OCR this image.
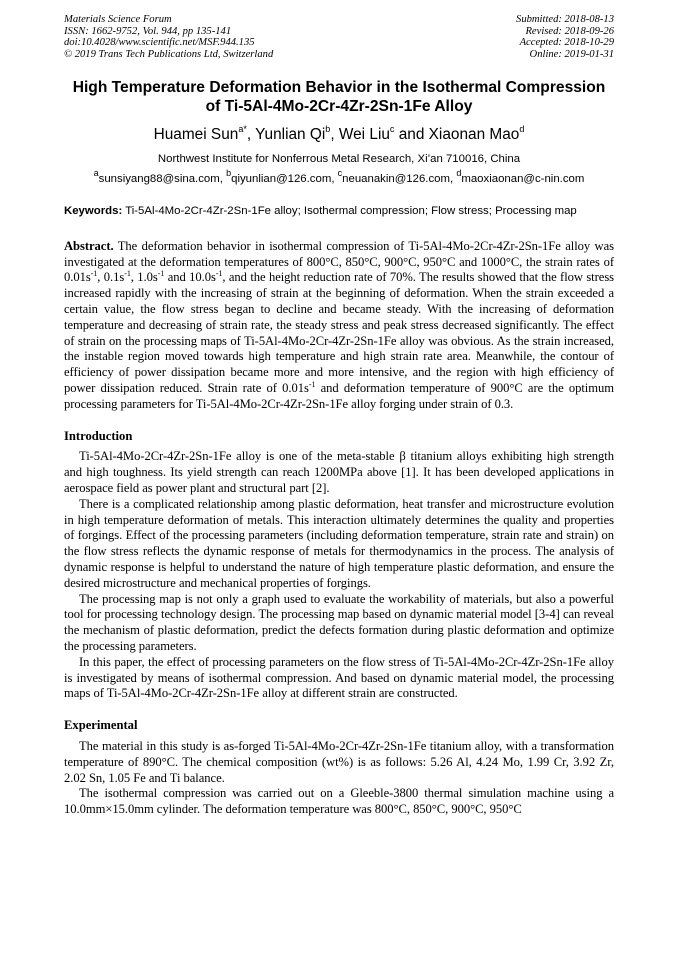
Materials Science Forum
ISSN: 1662-9752, Vol. 944, pp 135-141
doi:10.4028/www.scientific.net/MSF.944.135
© 2019 Trans Tech Publications Ltd, Switzerland
Submitted: 2018-08-13
Revised: 2018-09-26
Accepted: 2018-10-29
Online: 2019-01-31
High Temperature Deformation Behavior in the Isothermal Compression
of Ti-5Al-4Mo-2Cr-4Zr-2Sn-1Fe Alloy
Huamei Sun$^{a*}$, Yunlian Qi$^b$, Wei Liu$^c$ and Xiaonan Mao$^d$
Northwest Institute for Nonferrous Metal Research, Xi’an 710016, China
$^a$sunsiyang88@sina.com, $^b$qiyunlian@126.com, $^c$neuanakin@126.com, $^d$maoxiaonan@c-nin.com
Keywords: Ti-5Al-4Mo-2Cr-4Zr-2Sn-1Fe alloy; Isothermal compression; Flow stress; Processing map
Abstract. The deformation behavior in isothermal compression of Ti-5Al-4Mo-2Cr-4Zr-2Sn-1Fe alloy was investigated at the deformation temperatures of 800°C, 850°C, 900°C, 950°C and 1000°C, the strain rates of $0.01s^{-1}$, $0.1s^{-1}$, $1.0s^{-1}$ and $10.0s^{-1}$, and the height reduction rate of 70%. The results showed that the flow stress increased rapidly with the increasing of strain at the beginning of deformation. When the strain exceeded a certain value, the flow stress began to decline and became steady. With the increasing of deformation temperature and decreasing of strain rate, the steady stress and peak stress decreased significantly. The effect of strain on the processing maps of Ti-5Al-4Mo-2Cr-4Zr-2Sn-1Fe alloy was obvious. As the strain increased, the instable region moved towards high temperature and high strain rate area. Meanwhile, the contour of efficiency of power dissipation became more and more intensive, and the region with high efficiency of power dissipation reduced. Strain rate of $0.01s^{-1}$ and deformation temperature of 900°C are the optimum processing parameters for Ti-5Al-4Mo-2Cr-4Zr-2Sn-1Fe alloy forging under strain of 0.3.
Introduction

Ti-5Al-4Mo-2Cr-4Zr-2Sn-1Fe alloy is one of the meta-stable β titanium alloys exhibiting high strength and high toughness. Its yield strength can reach 1200MPa above [1]. It has been developed applications in aerospace field as power plant and structural part [2].

There is a complicated relationship among plastic deformation, heat transfer and microstructure evolution in high temperature deformation of metals. This interaction ultimately determines the quality and properties of forgings. Effect of the processing parameters (including deformation temperature, strain rate and strain) on the flow stress reflects the dynamic response of metals for thermodynamics in the process. The analysis of dynamic response is helpful to understand the nature of high temperature plastic deformation, and ensure the desired microstructure and mechanical properties of forgings.

The processing map is not only a graph used to evaluate the workability of materials, but also a powerful tool for processing technology design. The processing map based on dynamic material model [3-4] can reveal the mechanism of plastic deformation, predict the defects formation during plastic deformation and optimize the processing parameters.

In this paper, the effect of processing parameters on the flow stress of Ti-5Al-4Mo-2Cr-4Zr-2Sn-1Fe alloy is investigated by means of isothermal compression. And based on dynamic material model, the processing maps of Ti-5Al-4Mo-2Cr-4Zr-2Sn-1Fe alloy at different strain are constructed.

Experimental

The material in this study is as-forged Ti-5Al-4Mo-2Cr-4Zr-2Sn-1Fe titanium alloy, with a transformation temperature of 890°C. The chemical composition (wt%) is as follows: 5.26 Al, 4.24 Mo, 1.99 Cr, 3.92 Zr, 2.02 Sn, 1.05 Fe and Ti balance.

The isothermal compression was carried out on a Gleeble-3800 thermal simulation machine using a 10.0mm×15.0mm cylinder. The deformation temperature was 800°C, 850°C, 900°C, 950°C
